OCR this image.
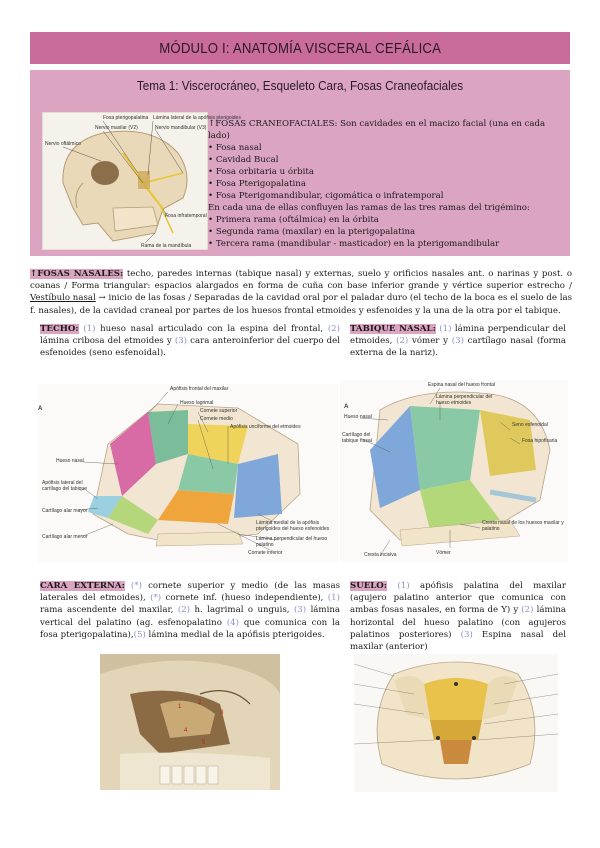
MÓDULO I: ANATOMÍA VISCERAL CEFÁLICA
Tema 1: Viscerocráneo, Esqueleto Cara, Fosas Craneofaciales
Fosa pterigopalatina Lámina lateral de la apófisis pterigoides
Nervio maxilar (V2)	Nervio mandibular (V3)
Nervio oftálmico
Fosa infratemporal
Rama de la mandíbula
↑FOSAS CRANEOFACIALES: Son cavidades en el macizo facial (una en cada lado)
• Fosa nasal
• Cavidad Bucal
• Fosa orbitaria u órbita
• Fosa Pterigopalatina
• Fosa Pterigomandibular, cigomática o infratemporal
En cada una de ellas confluyen las ramas de las tres ramas del trigémino:
• Primera rama (oftálmica) en la órbita
• Segunda rama (maxilar) en la pterigopalatina
• Tercera rama (mandibular - masticador) en la pterigomandibular
↑FOSAS NASALES: techo, paredes internas (tabique nasal) y externas, suelo y orificios nasales ant. o narinas y post. o coanas / Forma triangular: espacios alargados en forma de cuña con base inferior grande y vértice superior estrecho / Vestíbulo nasal → inicio de las fosas / Separadas de la cavidad oral por el paladar duro (el techo de la boca es el suelo de las f. nasales), de la cavidad craneal por partes de los huesos frontal etmoides y esfenoides y la una de la otra por el tabique.
TECHO: (1) hueso nasal articulado con la espina del frontal, (2) lámina cribosa del etmoides y (3) cara anteroinferior del cuerpo del esfenoides (seno esfenoidal).
TABIQUE NASAL: (1) lámina perpendicular del etmoides, (2) vómer y (3) cartílago nasal (forma externa de la nariz).
A
Apófisis frontal del maxilar
Hueso lagrimal
Cornete superior
Cornete medio
Apófisis unciforme del etmoides
Hueso nasal
Apófisis lateral del cartílago del tabique
Cartílago alar mayor
Cartílago alar menor
Lámina medial de la apófisis pterigoides del hueso esfenoides
Lámina perpendicular del hueso palatino
Cornete inferior
A
Espina nasal del hueso frontal
Lámina perpendicular del hueso etmoides
Hueso nasal
Cartílago del tabique nasal
Seno esfenoidal
Fosa hipofisaria
Vómer
Cresta nasal de los huesos maxilar y palatino
Cresta incisiva
CARA EXTERNA: (*) cornete superior y medio (de las masas laterales del etmoides), (*) cornete inf. (hueso independiente), (1) rama ascendente del maxilar, (2) h. lagrimal o unguis, (3) lámina vertical del palatino (ag. esfenopalatino (4) que comunica con la fosa pterigopalatina),(5) lámina medial de la apófisis pterigoides.
SUELO: (1) apófisis palatina del maxilar (agujero palatino anterior que comunica con ambas fosas nasales, en forma de Y) y (2) lámina horizontal del hueso palatino (con agujeros palatinos posteriores) (3) Espina nasal del maxilar (anterior)
1
2
3
4
5
